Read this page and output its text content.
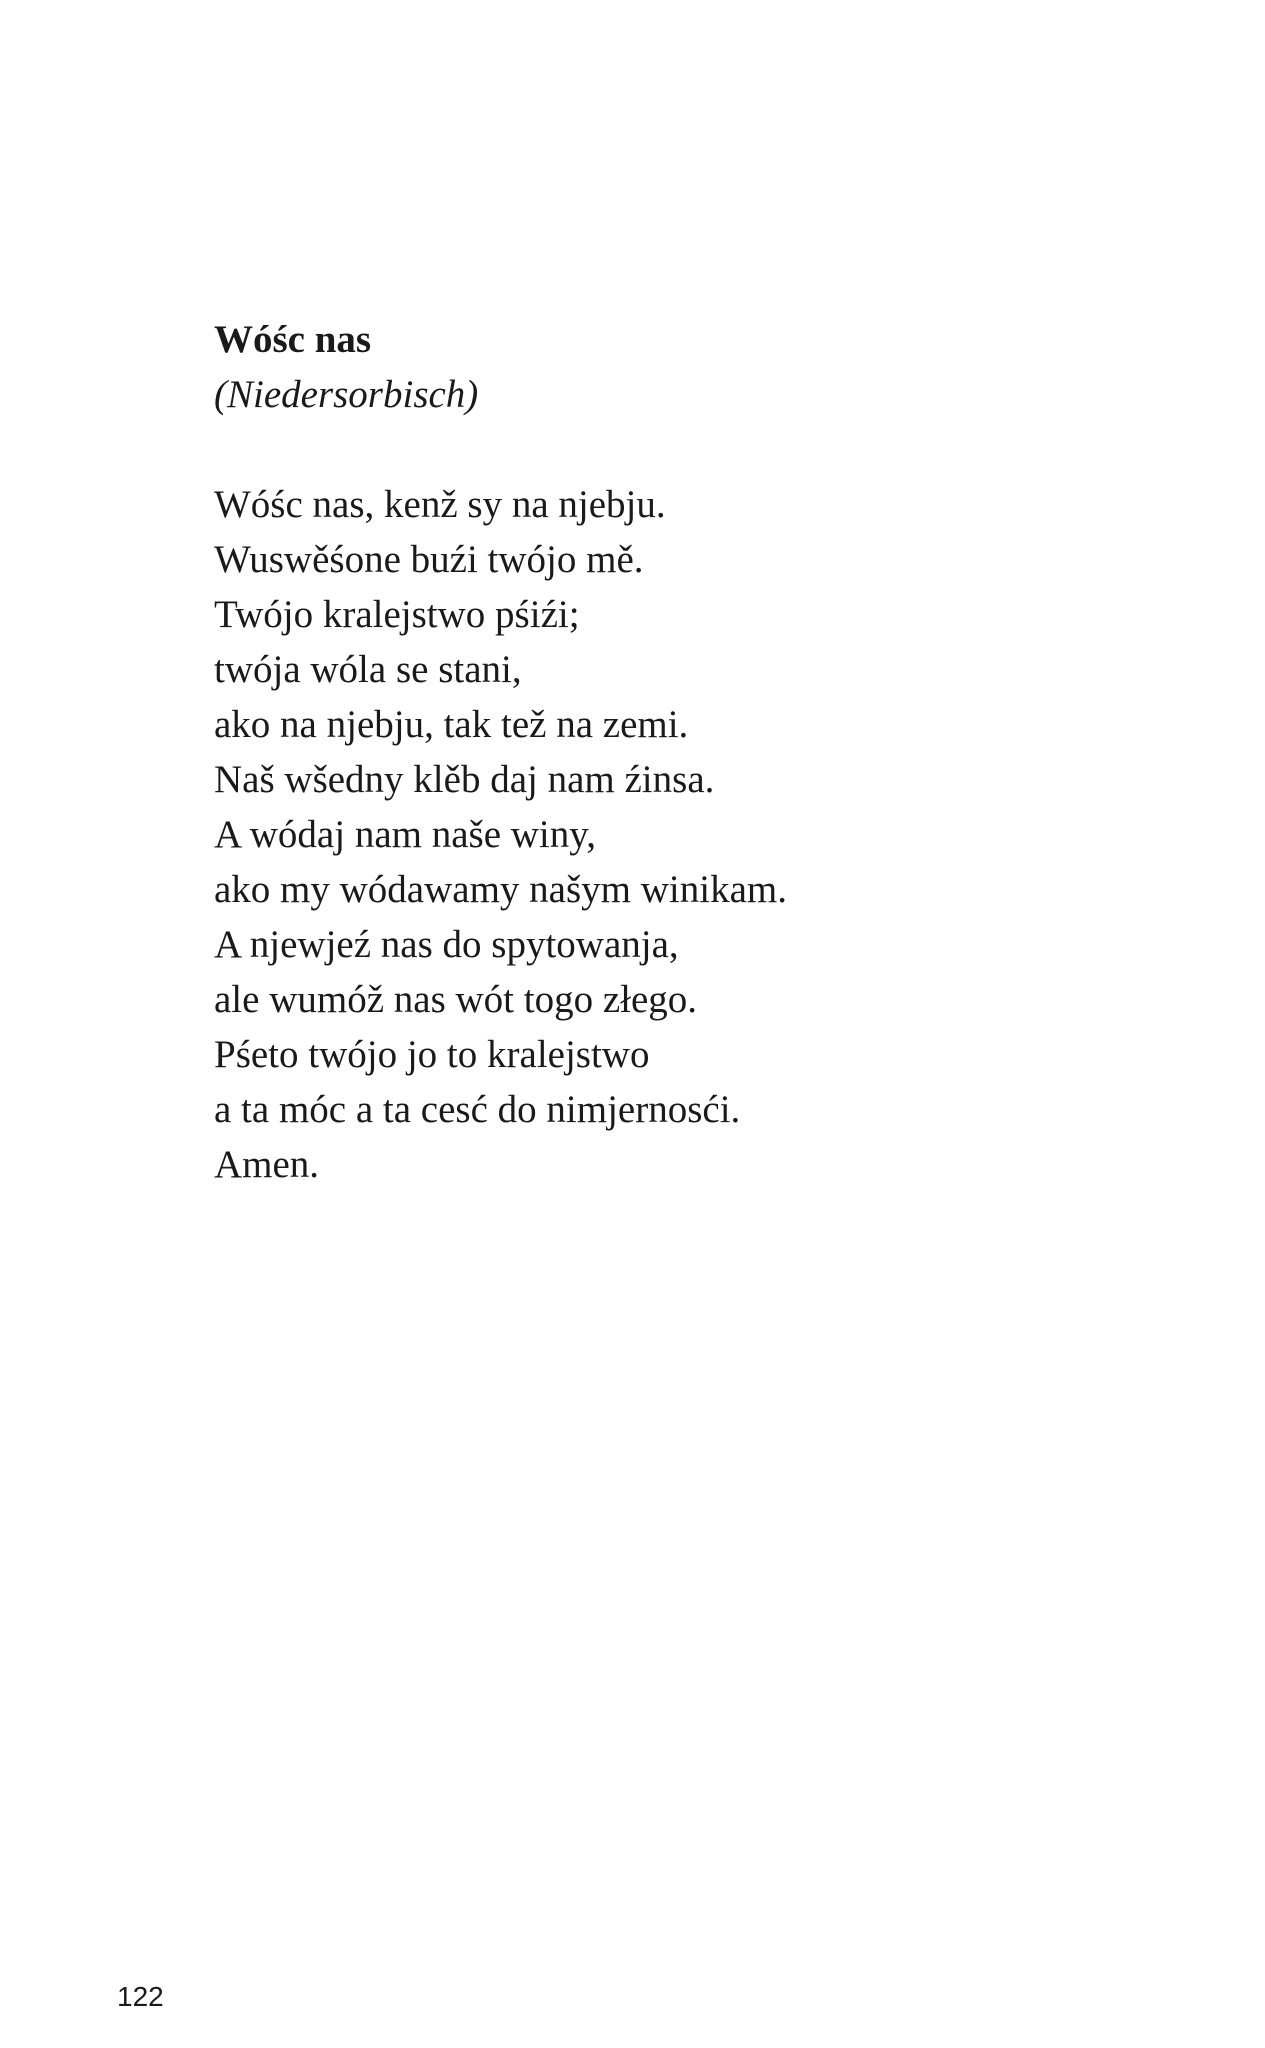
Wóśc nas

(Niedersorbisch)

Wóśc nas, kenž sy na njebju.
Wuswěśone buźi twójo mě.
Twójo kralejstwo pśiźi;
twója wóla se stani,
ako na njebju, tak tež na zemi.
Naš wšedny klěb daj nam źinsa.
A wódaj nam naše winy,
ako my wódawamy našym winikam.
A njewjeź nas do spytowanja,
ale wumóž nas wót togo złego.
Pśeto twójo jo to kralejstwo
a ta móc a ta cesć do nimjernosći.
Amen.
122
